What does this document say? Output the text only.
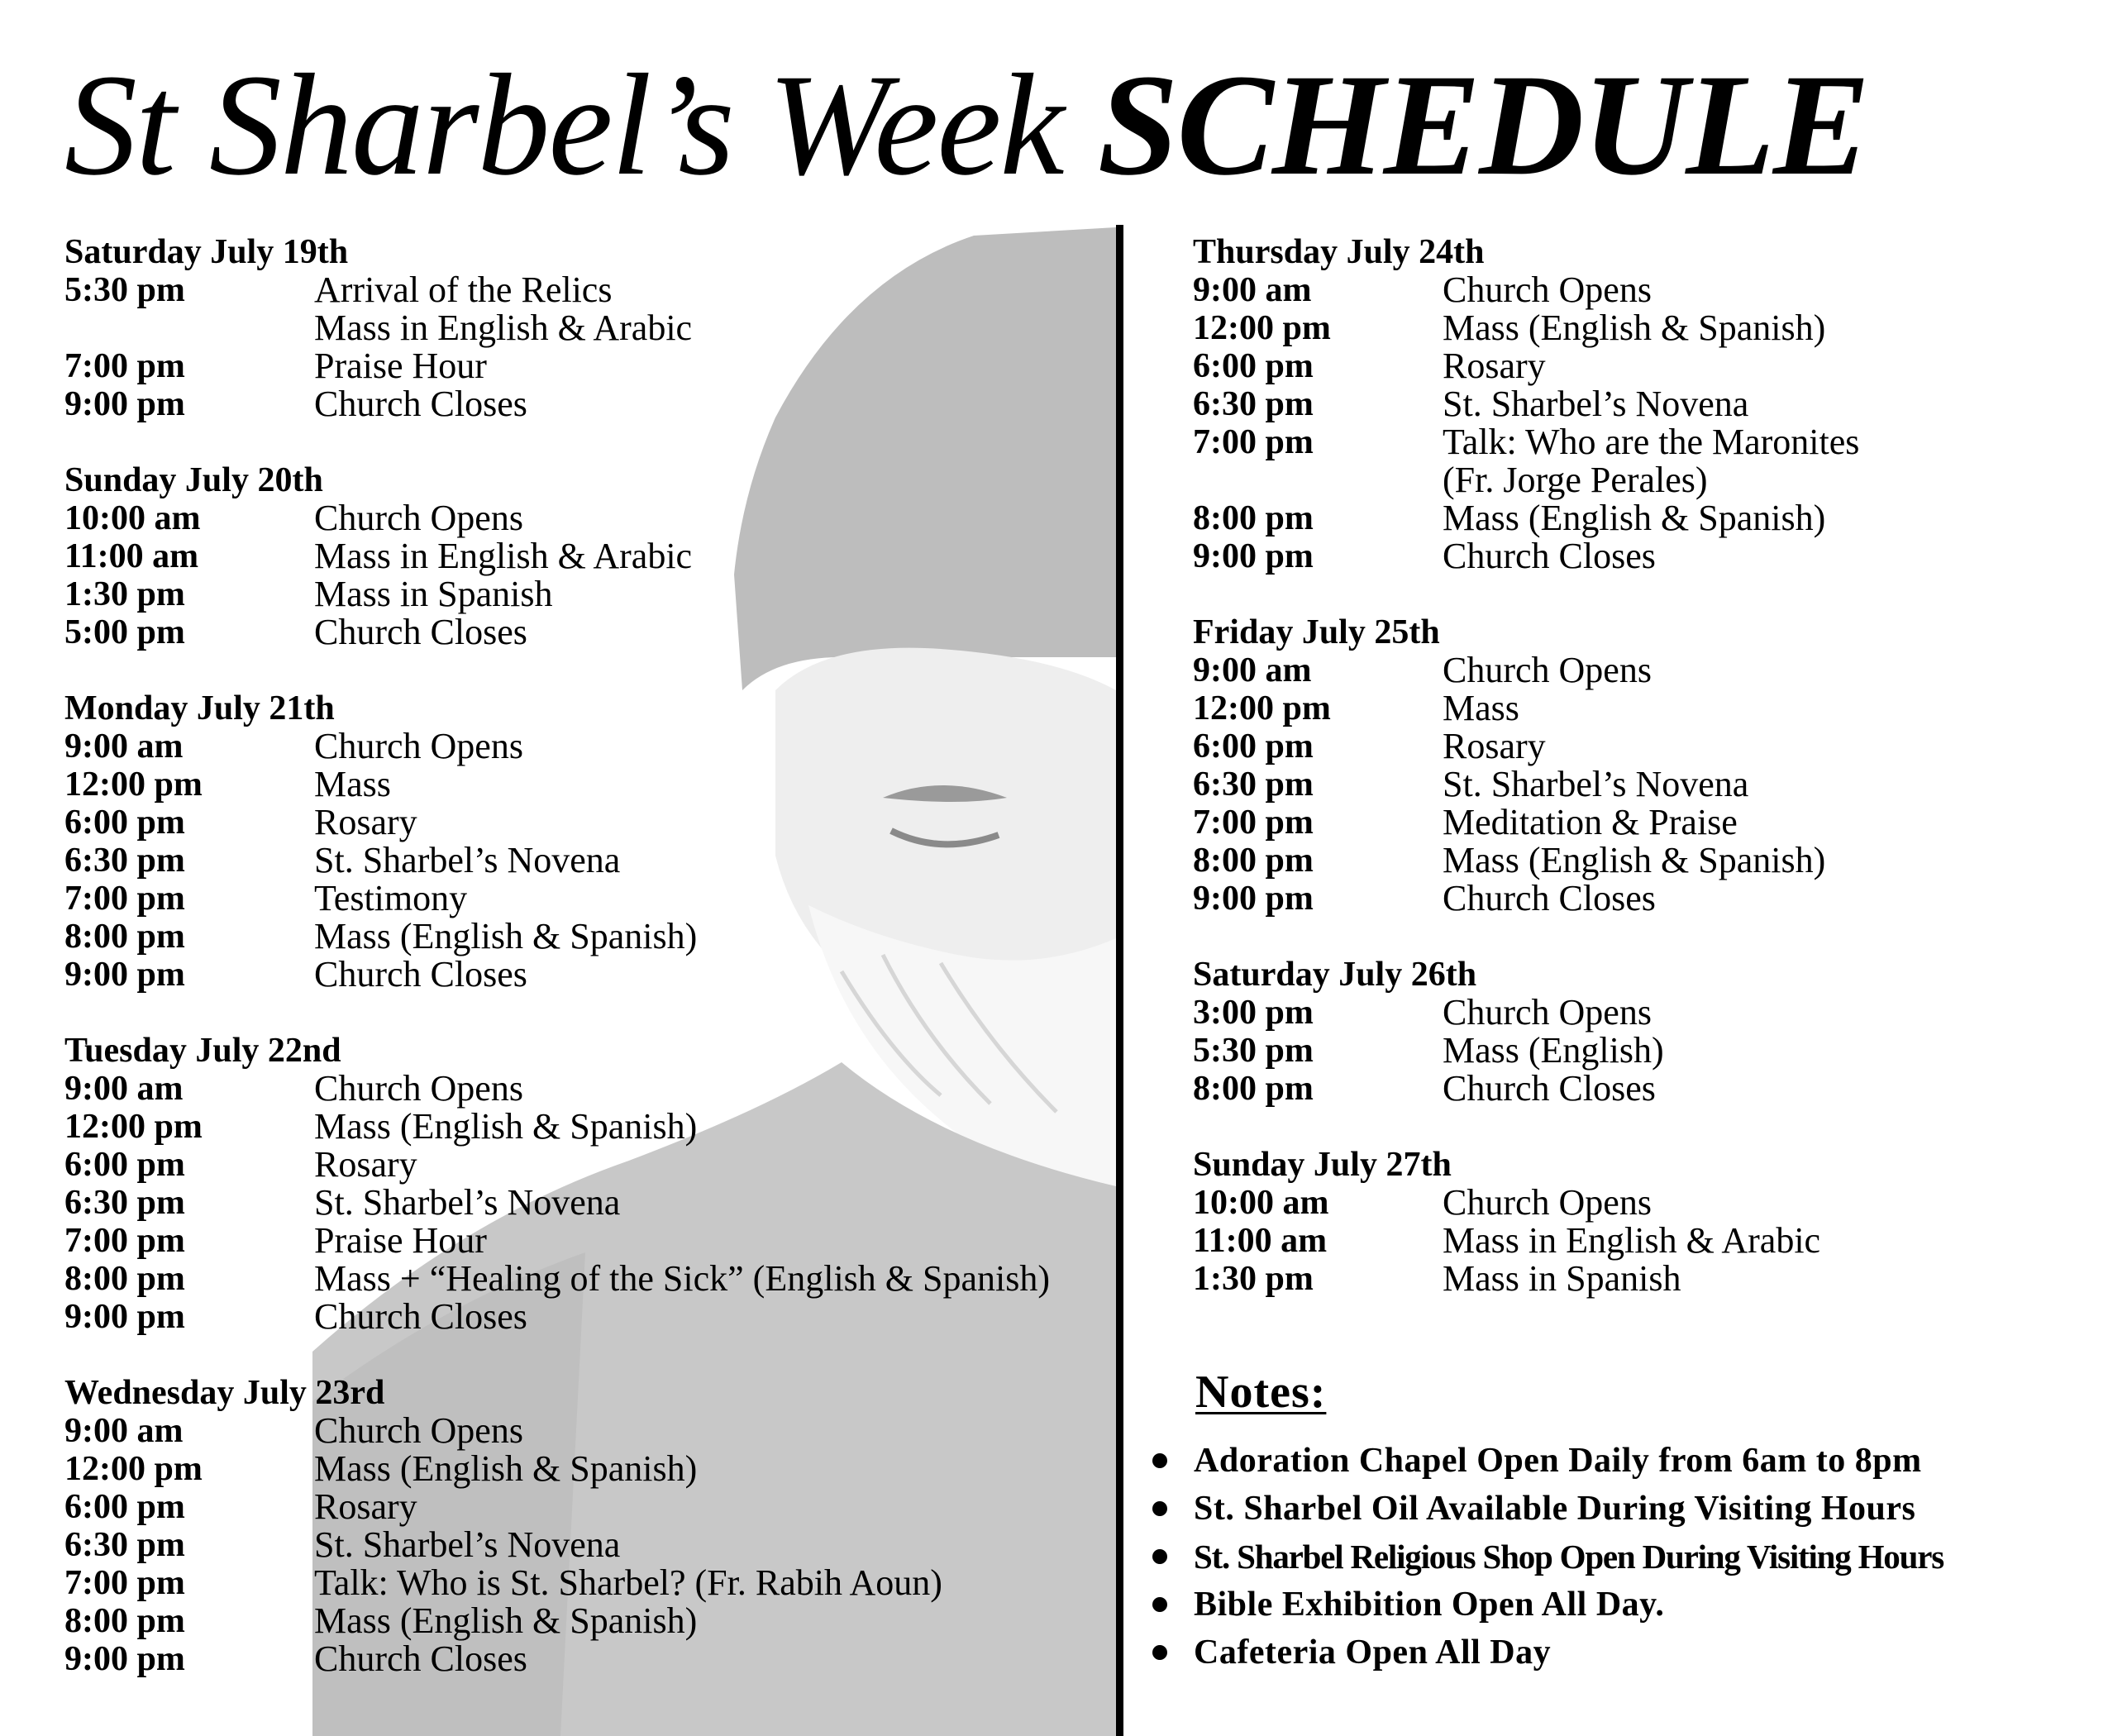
St Sharbel’s Week SCHEDULE
Saturday July 19th
5:30 pm	Arrival of the Relics
Mass in English & Arabic
7:00 pm	Praise Hour
9:00 pm	Church Closes
Sunday July 20th
10:00 am	Church Opens
11:00 am	Mass in English & Arabic
1:30 pm	Mass in Spanish
5:00 pm	Church Closes
Monday July 21th
9:00 am	Church Opens
12:00 pm	Mass
6:00 pm	Rosary
6:30 pm	St. Sharbel’s Novena
7:00 pm	Testimony
8:00 pm	Mass (English & Spanish)
9:00 pm	Church Closes
Tuesday July 22nd
9:00 am	Church Opens
12:00 pm	Mass (English & Spanish)
6:00 pm	Rosary
6:30 pm	St. Sharbel’s Novena
7:00 pm	Praise Hour
8:00 pm	Mass + “Healing of the Sick” (English & Spanish)
9:00 pm	Church Closes
Wednesday July 23rd
9:00 am	Church Opens
12:00 pm	Mass (English & Spanish)
6:00 pm	Rosary
6:30 pm	St. Sharbel’s Novena
7:00 pm	Talk: Who is St. Sharbel? (Fr. Rabih Aoun)
8:00 pm	Mass (English & Spanish)
9:00 pm	Church Closes
Thursday July 24th
9:00 am	Church Opens
12:00 pm	Mass (English & Spanish)
6:00 pm	Rosary
6:30 pm	St. Sharbel’s Novena
7:00 pm	Talk: Who are the Maronites
(Fr. Jorge Perales)
8:00 pm	Mass (English & Spanish)
9:00 pm	Church Closes
Friday July 25th
9:00 am	Church Opens
12:00 pm	Mass
6:00 pm	Rosary
6:30 pm	St. Sharbel’s Novena
7:00 pm	Meditation & Praise
8:00 pm	Mass (English & Spanish)
9:00 pm	Church Closes
Saturday July 26th
3:00 pm	Church Opens
5:30 pm	Mass (English)
8:00 pm	Church Closes
Sunday July 27th
10:00 am	Church Opens
11:00 am	Mass in English & Arabic
1:30 pm	Mass in Spanish
Notes:
Adoration Chapel Open Daily from 6am to 8pm
St. Sharbel Oil Available During Visiting Hours
St. Sharbel Religious Shop Open During Visiting Hours
Bible Exhibition Open All Day.
Cafeteria Open All Day
